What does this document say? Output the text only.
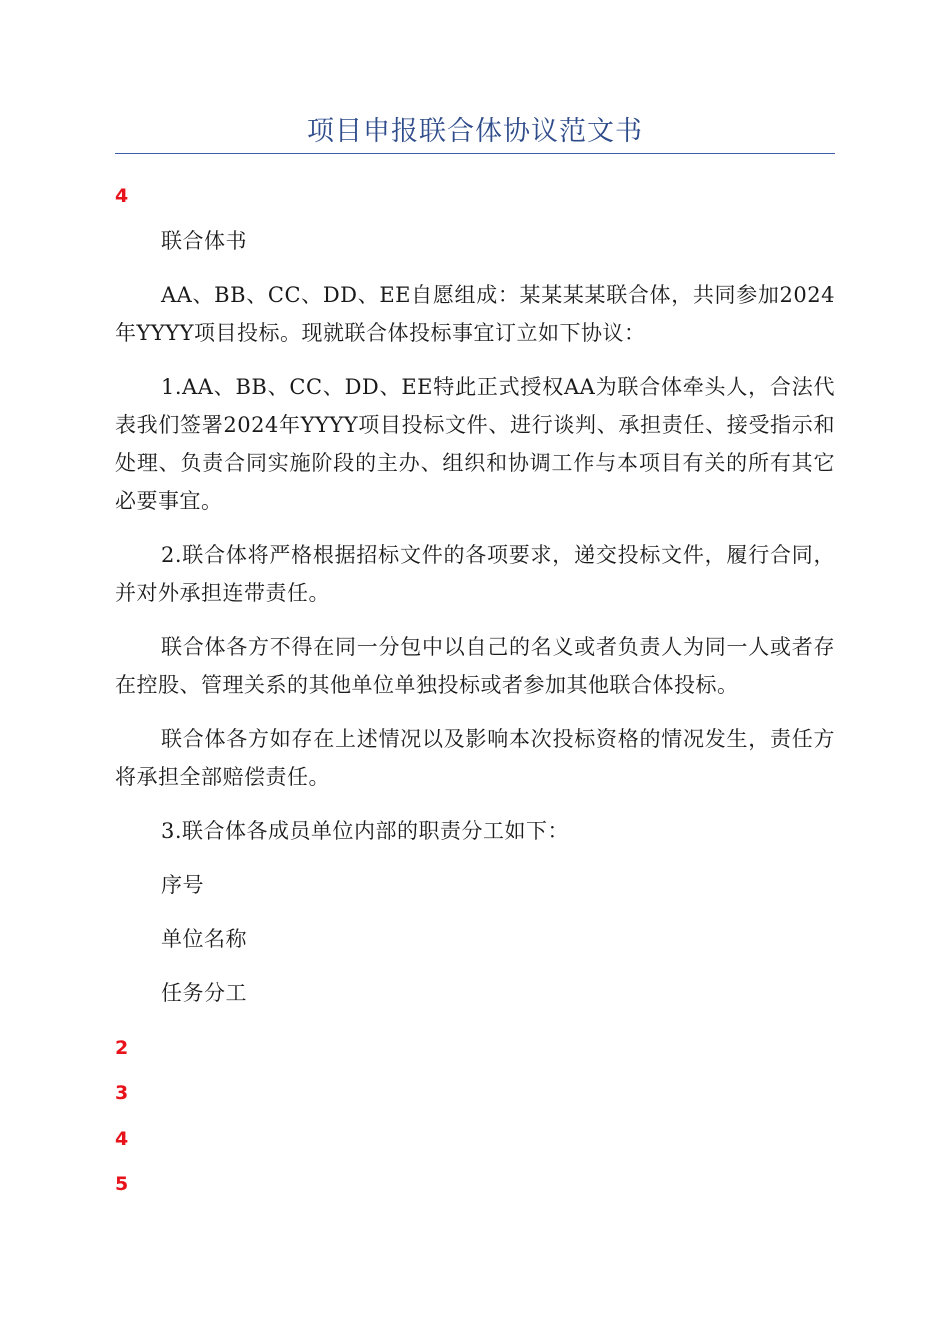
项目申报联合体协议范文书
4

联合体书

AA、BB、CC、DD、EE自愿组成：某某某某联合体，共同参加2024年YYYY项目投标。现就联合体投标事宜订立如下协议：

1.AA、BB、CC、DD、EE特此正式授权AA为联合体牵头人，合法代表我们签署2024年YYYY项目投标文件、进行谈判、承担责任、接受指示和处理、负责合同实施阶段的主办、组织和协调工作与本项目有关的所有其它必要事宜。

2.联合体将严格根据招标文件的各项要求，递交投标文件，履行合同，并对外承担连带责任。

联合体各方不得在同一分包中以自己的名义或者负责人为同一人或者存在控股、管理关系的其他单位单独投标或者参加其他联合体投标。

联合体各方如存在上述情况以及影响本次投标资格的情况发生，责任方将承担全部赔偿责任。

3.联合体各成员单位内部的职责分工如下：

序号

单位名称

任务分工

2
3
4
5
